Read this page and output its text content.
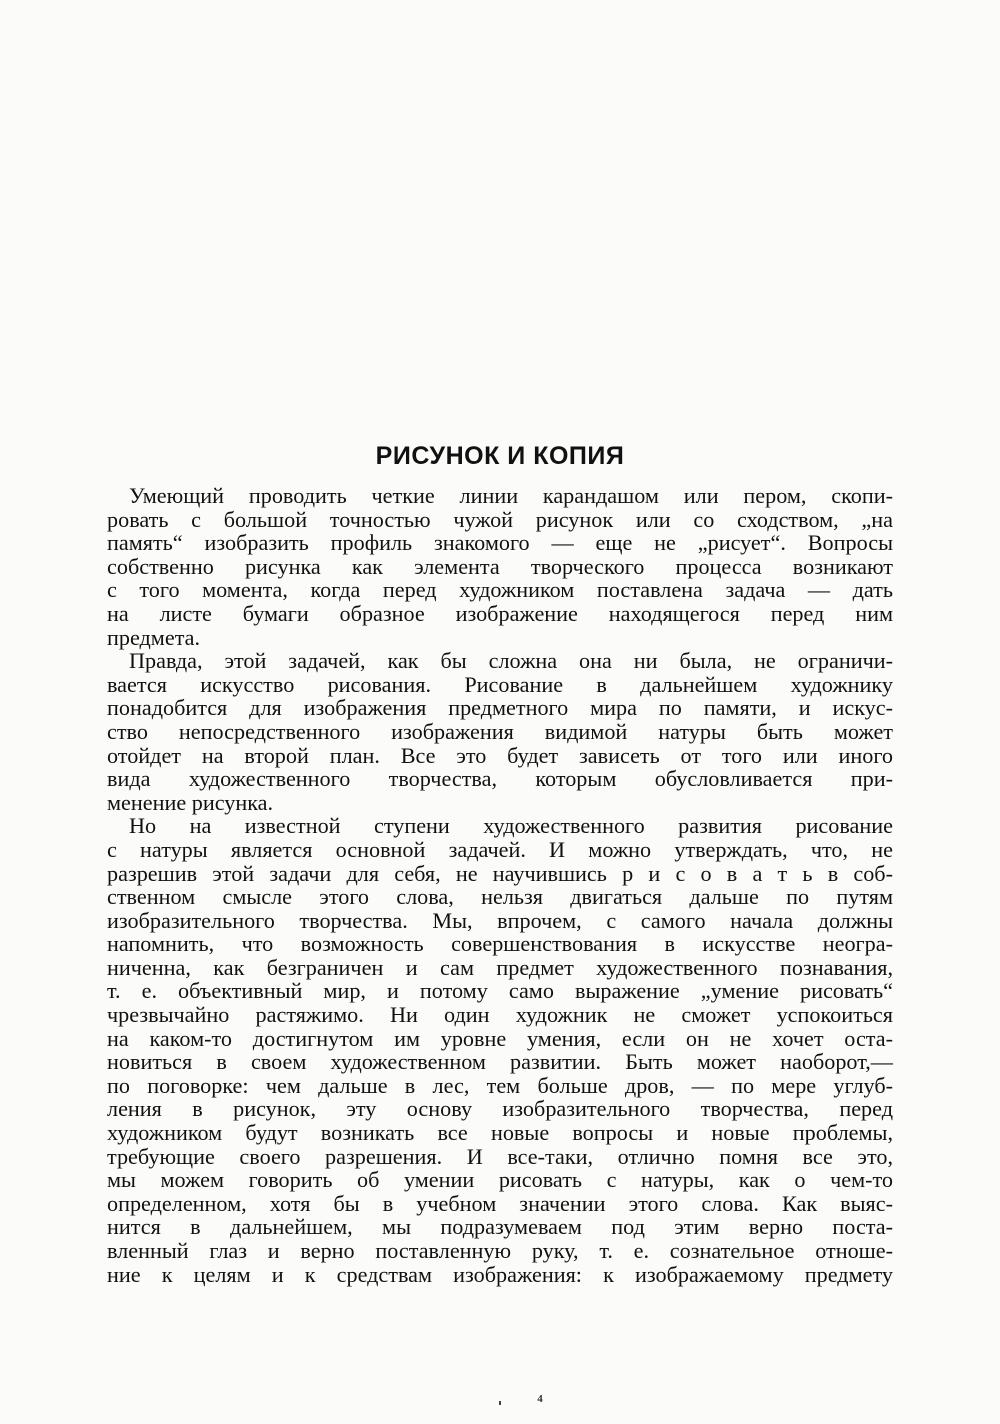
РИСУНОК И КОПИЯ

Умеющий проводить четкие линии карандашом или пером, скопи-
ровать с большой точностью чужой рисунок или со сходством, „на
память“ изобразить профиль знакомого — еще не „рисует“. Вопросы
собственно рисунка как элемента творческого процесса возникают
с того момента, когда перед художником поставлена задача — дать
на листе бумаги образное изображение находящегося перед ним
предмета.

Правда, этой задачей, как бы сложна она ни была, не ограничи-
вается искусство рисования. Рисование в дальнейшем художнику
понадобится для изображения предметного мира по памяти, и искус-
ство непосредственного изображения видимой натуры быть может
отойдет на второй план. Все это будет зависеть от того или иного
вида художественного творчества, которым обусловливается при-
менение рисунка.

Но на известной ступени художественного развития рисование
с натуры является основной задачей. И можно утверждать, что, не
разрешив этой задачи для себя, не научившись р и с о в а т ь в соб-
ственном смысле этого слова, нельзя двигаться дальше по путям
изобразительного творчества. Мы, впрочем, с самого начала должны
напомнить, что возможность совершенствования в искусстве неогра-
ниченна, как безграничен и сам предмет художественного познавания,
т. е. объективный мир, и потому само выражение „умение рисовать“
чрезвычайно растяжимо. Ни один художник не сможет успокоиться
на каком-то достигнутом им уровне умения, если он не хочет оста-
новиться в своем художественном развитии. Быть может наоборот,—
по поговорке: чем дальше в лес, тем больше дров, — по мере углуб-
ления в рисунок, эту основу изобразительного творчества, перед
художником будут возникать все новые вопросы и новые проблемы,
требующие своего разрешения. И все-таки, отлично помня все это,
мы можем говорить об умении рисовать с натуры, как о чем-то
определенном, хотя бы в учебном значении этого слова. Как выяс-
нится в дальнейшем, мы подразумеваем под этим верно поста-
вленный глаз и верно поставленную руку, т. е. сознательное отноше-
ние к целям и к средствам изображения: к изображаемому предмету

4
